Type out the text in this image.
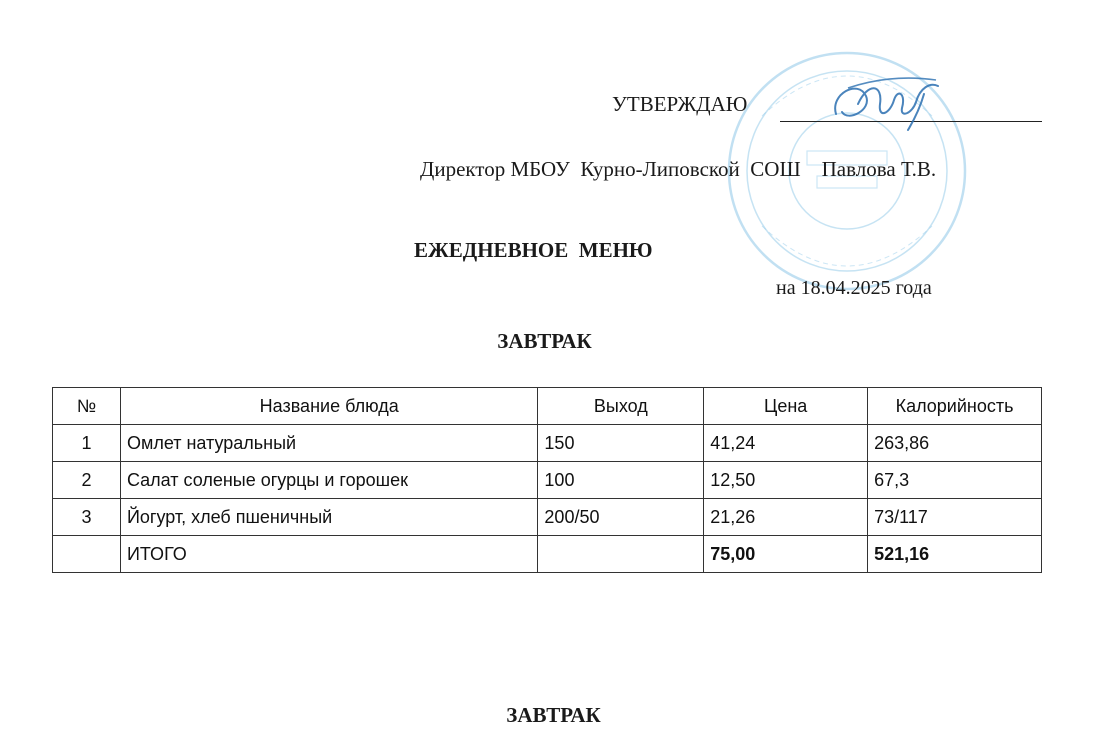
УТВЕРЖДАЮ
Директор МБОУ  Курно-Липовской  СОШ    Павлова Т.В.
ЕЖЕДНЕВНОЕ  МЕНЮ
на 18.04.2025 года
ЗАВТРАК
№	Название блюда	Выход	Цена	Калорийность
1	Омлет натуральный	150	41,24	263,86
2	Салат соленые огурцы и горошек	100	12,50	67,3
3	Йогурт, хлеб пшеничный	200/50	21,26	73/117
	ИТОГО		75,00	521,16
ЗАВТРАК
